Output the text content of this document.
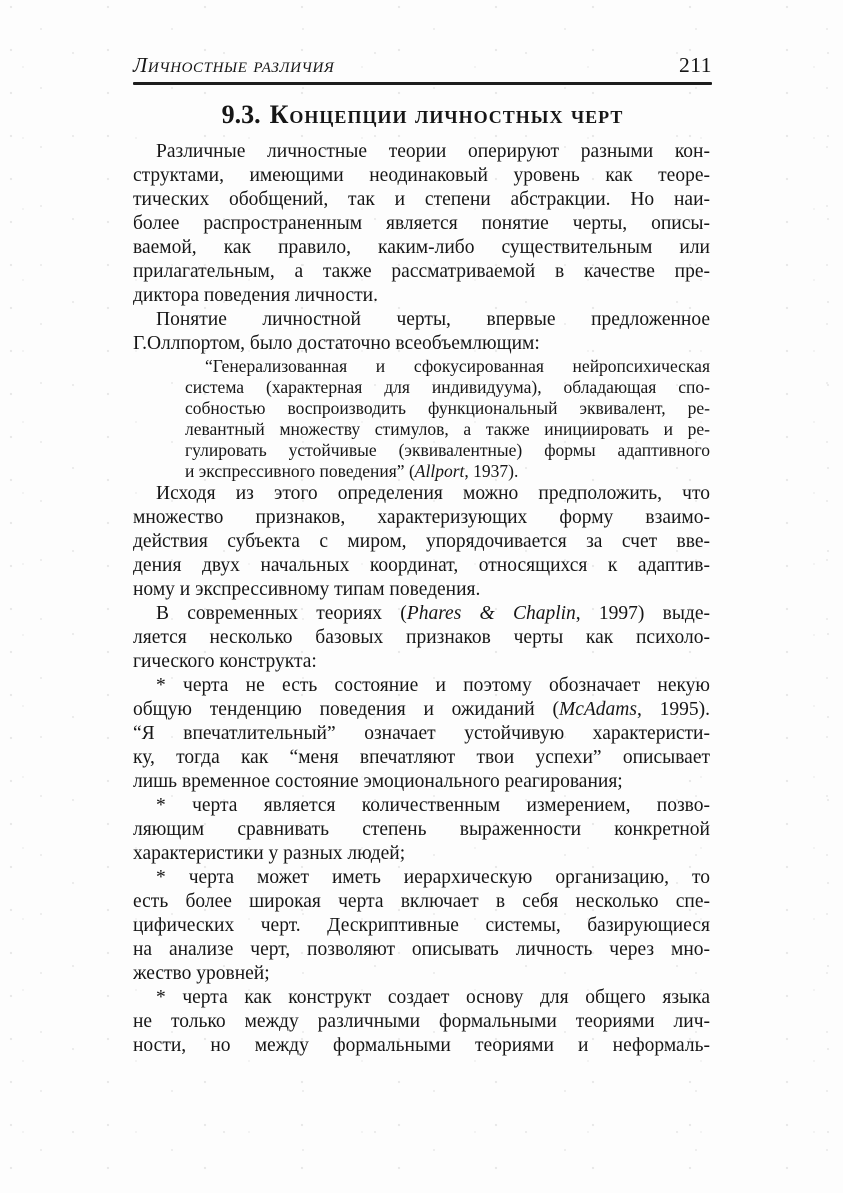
Личностные различия	211
9.3. Концепции личностных черт
Различные личностные теории оперируют разными кон-
структами, имеющими неодинаковый уровень как теоре-
тических обобщений, так и степени абстракции. Но наи-
более распространенным является понятие черты, описы-
ваемой, как правило, каким-либо существительным или
прилагательным, а также рассматриваемой в качестве пре-
диктора поведения личности.
Понятие личностной черты, впервые предложенное
Г.Оллпортом, было достаточно всеобъемлющим:
“Генерализованная и сфокусированная нейропсихическая
система (характерная для индивидуума), обладающая спо-
собностью воспроизводить функциональный эквивалент, ре-
левантный множеству стимулов, а также инициировать и ре-
гулировать устойчивые (эквивалентные) формы адаптивного
и экспрессивного поведения” (Allport, 1937).
Исходя из этого определения можно предположить, что
множество признаков, характеризующих форму взаимо-
действия субъекта с миром, упорядочивается за счет вве-
дения двух начальных координат, относящихся к адаптив-
ному и экспрессивному типам поведения.
В современных теориях (Phares & Chaplin, 1997) выде-
ляется несколько базовых признаков черты как психоло-
гического конструкта:
* черта не есть состояние и поэтому обозначает некую
общую тенденцию поведения и ожиданий (McAdams, 1995).
“Я впечатлительный” означает устойчивую характеристи-
ку, тогда как “меня впечатляют твои успехи” описывает
лишь временное состояние эмоционального реагирования;
* черта является количественным измерением, позво-
ляющим сравнивать степень выраженности конкретной
характеристики у разных людей;
* черта может иметь иерархическую организацию, то
есть более широкая черта включает в себя несколько спе-
цифических черт. Дескриптивные системы, базирующиеся
на анализе черт, позволяют описывать личность через мно-
жество уровней;
* черта как конструкт создает основу для общего языка
не только между различными формальными теориями лич-
ности, но между формальными теориями и неформаль-
